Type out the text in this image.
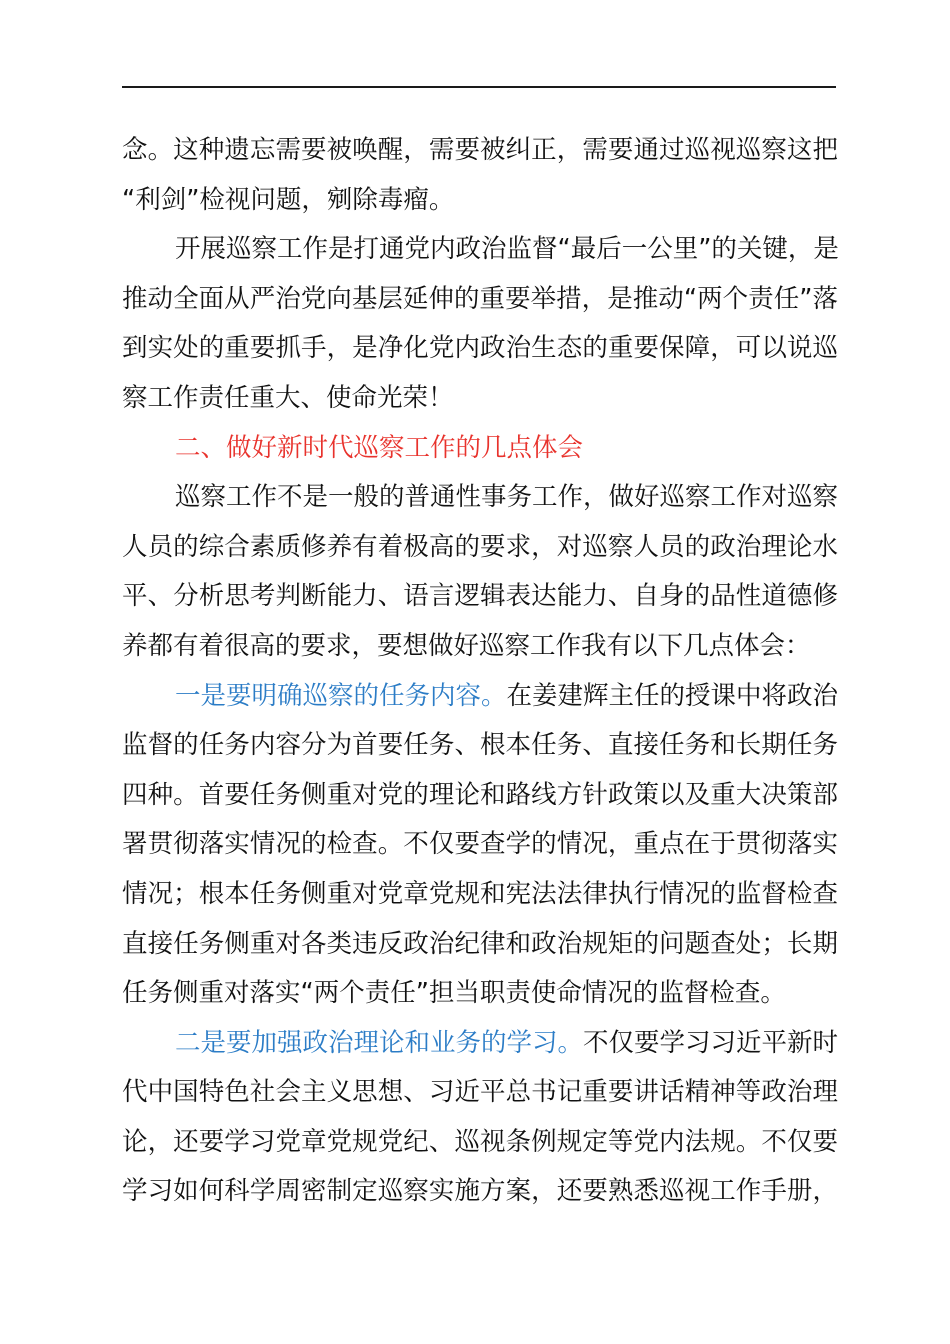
念。这种遗忘需要被唤醒，需要被纠正，需要通过巡视巡察这把
“利剑”检视问题，剜除毒瘤。
开展巡察工作是打通党内政治监督“最后一公里”的关键，是
推动全面从严治党向基层延伸的重要举措，是推动“两个责任”落
到实处的重要抓手，是净化党内政治生态的重要保障，可以说巡
察工作责任重大、使命光荣！
二、做好新时代巡察工作的几点体会
巡察工作不是一般的普通性事务工作，做好巡察工作对巡察
人员的综合素质修养有着极高的要求，对巡察人员的政治理论水
平、分析思考判断能力、语言逻辑表达能力、自身的品性道德修
养都有着很高的要求，要想做好巡察工作我有以下几点体会：
一是要明确巡察的任务内容。在姜建辉主任的授课中将政治
监督的任务内容分为首要任务、根本任务、直接任务和长期任务
四种。首要任务侧重对党的理论和路线方针政策以及重大决策部
署贯彻落实情况的检查。不仅要查学的情况，重点在于贯彻落实
情况；根本任务侧重对党章党规和宪法法律执行情况的监督检查
直接任务侧重对各类违反政治纪律和政治规矩的问题查处；长期
任务侧重对落实“两个责任”担当职责使命情况的监督检查。
二是要加强政治理论和业务的学习。不仅要学习习近平新时
代中国特色社会主义思想、习近平总书记重要讲话精神等政治理
论，还要学习党章党规党纪、巡视条例规定等党内法规。不仅要
学习如何科学周密制定巡察实施方案，还要熟悉巡视工作手册，
